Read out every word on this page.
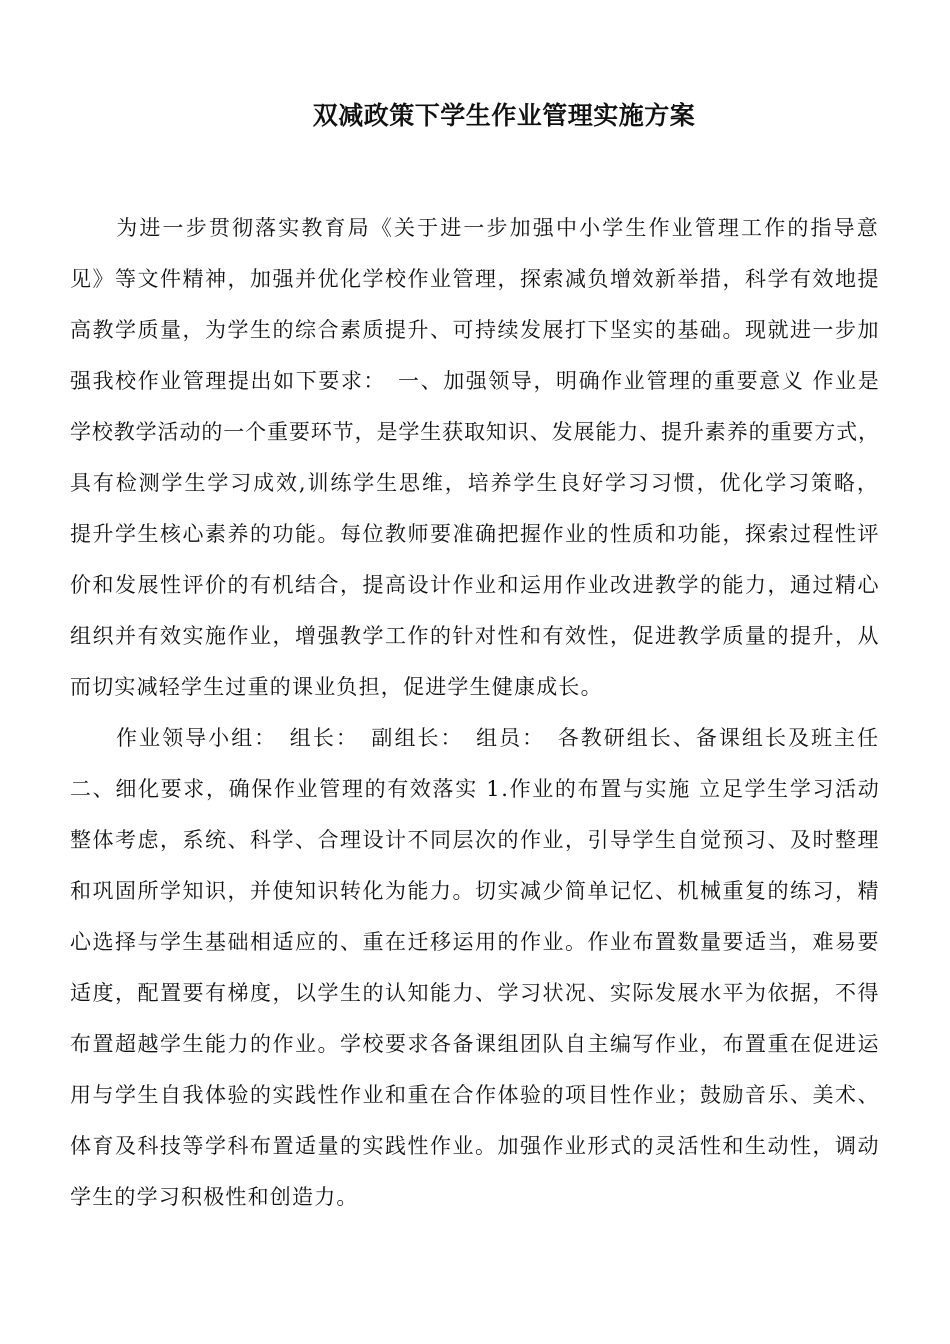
双减政策下学生作业管理实施方案
　　为进一步贯彻落实教育局《关于进一步加强中小学生作业管理工作的指导意
见》等文件精神，加强并优化学校作业管理，探索减负增效新举措，科学有效地提
高教学质量，为学生的综合素质提升、可持续发展打下坚实的基础。现就进一步加
强我校作业管理提出如下要求：　一、加强领导，明确作业管理的重要意义 作业是
学校教学活动的一个重要环节，是学生获取知识、发展能力、提升素养的重要方式，
具有检测学生学习成效,训练学生思维，培养学生良好学习习惯，优化学习策略，
提升学生核心素养的功能。每位教师要准确把握作业的性质和功能，探索过程性评
价和发展性评价的有机结合，提高设计作业和运用作业改进教学的能力，通过精心
组织并有效实施作业，增强教学工作的针对性和有效性，促进教学质量的提升，从
而切实减轻学生过重的课业负担，促进学生健康成长。
　　作业领导小组：　组长：　副组长：　组员：　各教研组长、备课组长及班主任
二、细化要求，确保作业管理的有效落实 1.作业的布置与实施 立足学生学习活动
整体考虑，系统、科学、合理设计不同层次的作业，引导学生自觉预习、及时整理
和巩固所学知识，并使知识转化为能力。切实减少简单记忆、机械重复的练习，精
心选择与学生基础相适应的、重在迁移运用的作业。作业布置数量要适当，难易要
适度，配置要有梯度，以学生的认知能力、学习状况、实际发展水平为依据，不得
布置超越学生能力的作业。学校要求各备课组团队自主编写作业，布置重在促进运
用与学生自我体验的实践性作业和重在合作体验的项目性作业；鼓励音乐、美术、
体育及科技等学科布置适量的实践性作业。加强作业形式的灵活性和生动性，调动
学生的学习积极性和创造力。
